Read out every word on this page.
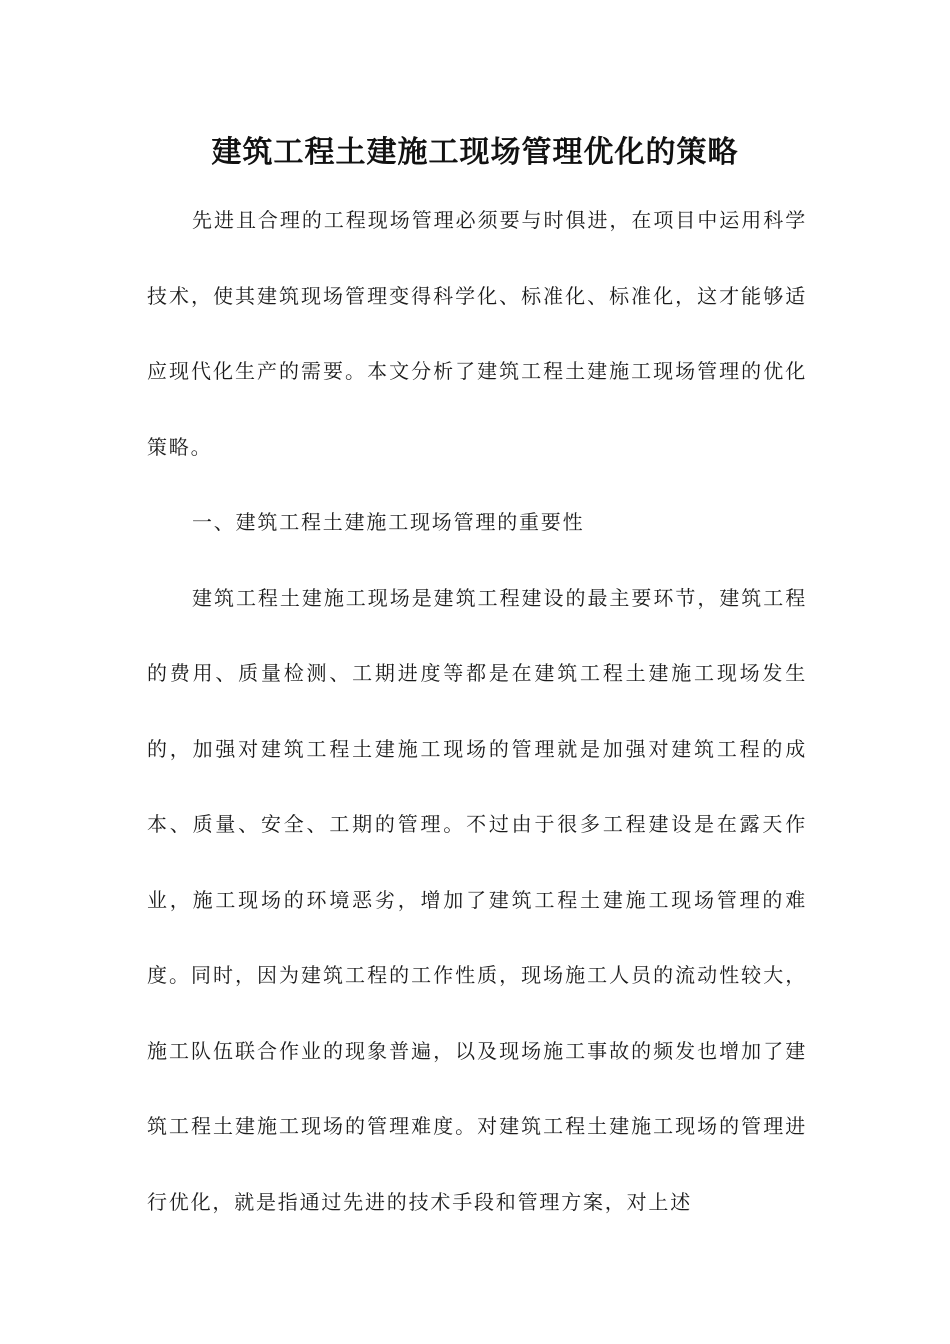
建筑工程土建施工现场管理优化的策略

先进且合理的工程现场管理必须要与时俱进，在项目中运用科学技术，使其建筑现场管理变得科学化、标准化、标准化，这才能够适应现代化生产的需要。本文分析了建筑工程土建施工现场管理的优化策略。

一、建筑工程土建施工现场管理的重要性

建筑工程土建施工现场是建筑工程建设的最主要环节，建筑工程的费用、质量检测、工期进度等都是在建筑工程土建施工现场发生的，加强对建筑工程土建施工现场的管理就是加强对建筑工程的成本、质量、安全、工期的管理。不过由于很多工程建设是在露天作业，施工现场的环境恶劣，增加了建筑工程土建施工现场管理的难度。同时，因为建筑工程的工作性质，现场施工人员的流动性较大，施工队伍联合作业的现象普遍，以及现场施工事故的频发也增加了建筑工程土建施工现场的管理难度。对建筑工程土建施工现场的管理进行优化，就是指通过先进的技术手段和管理方案，对上述
